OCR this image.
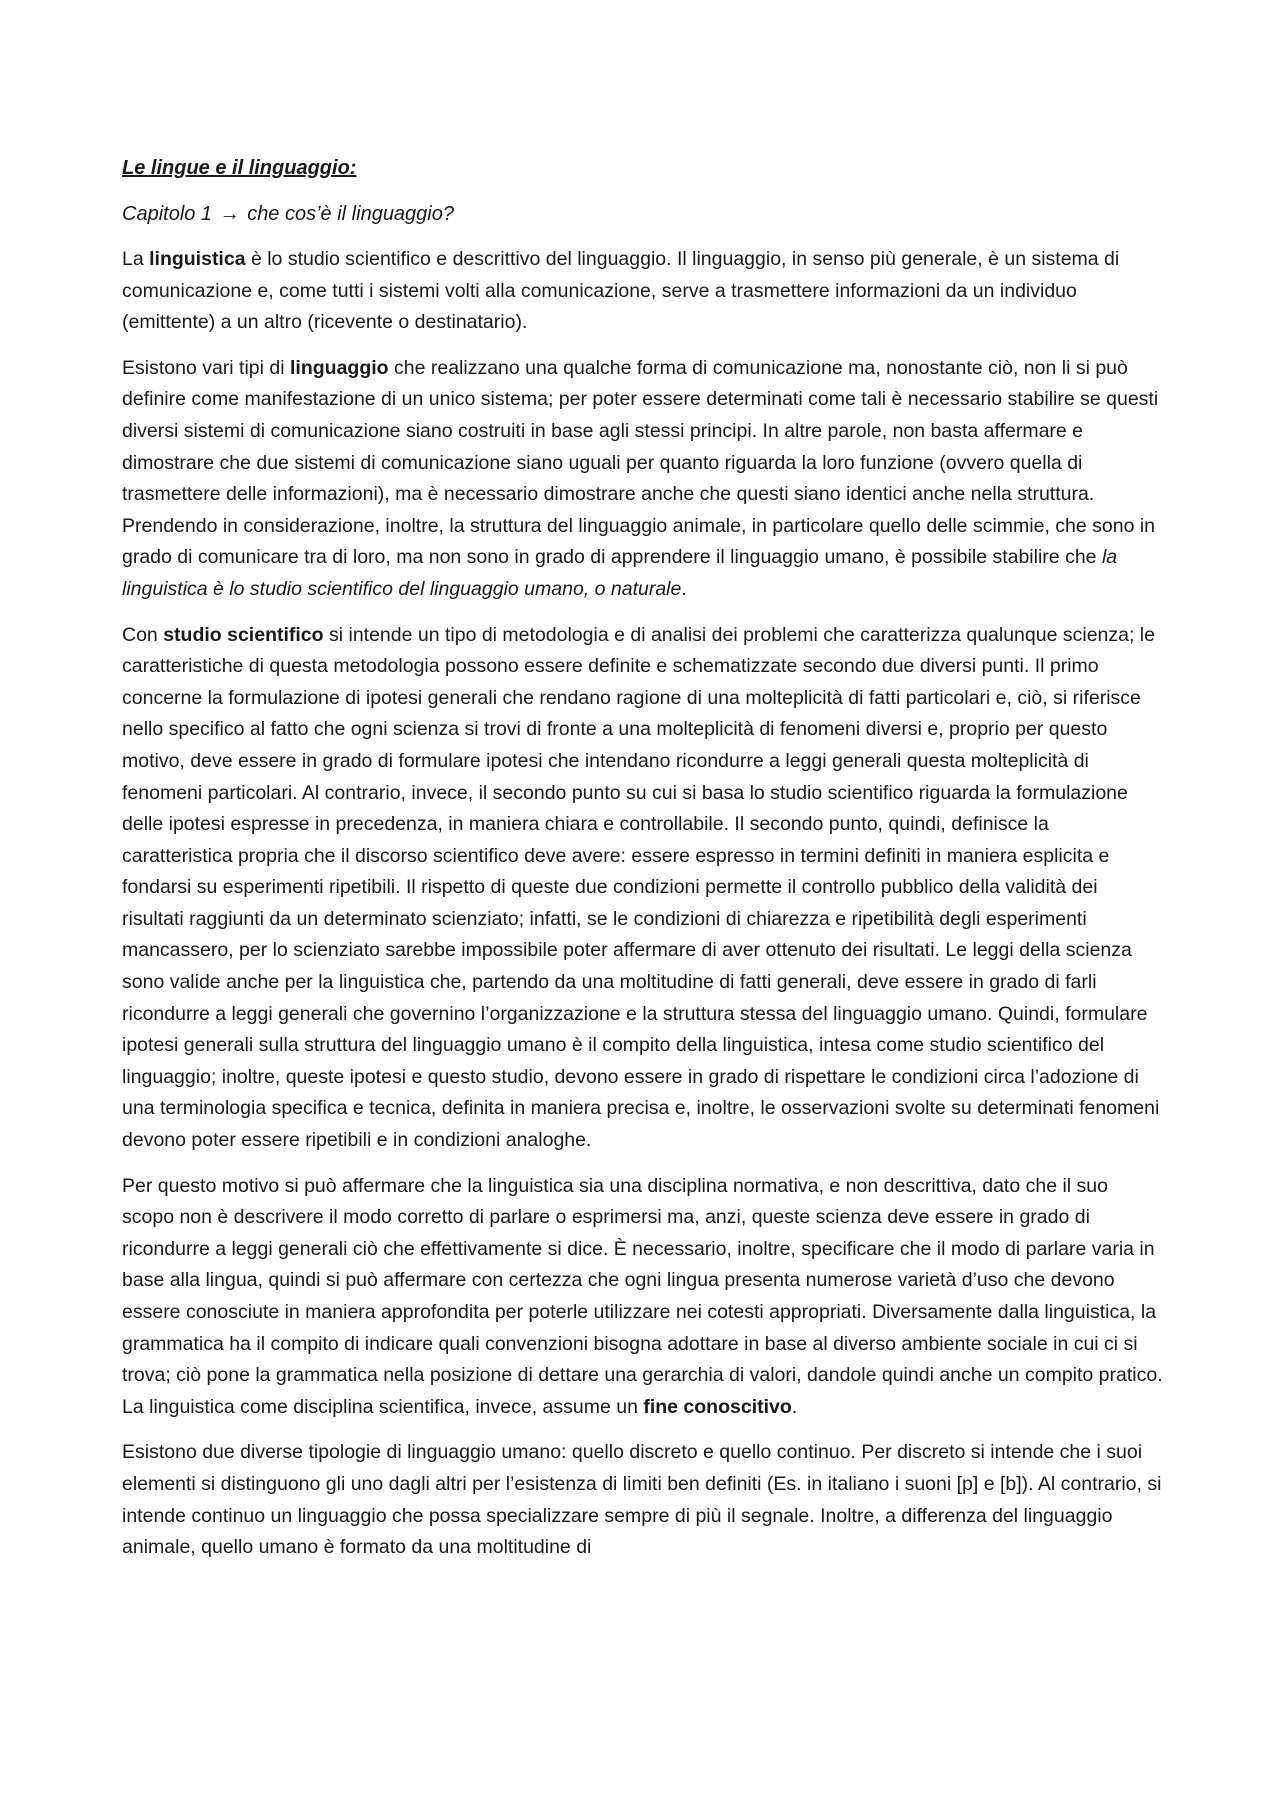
Le lingue e il linguaggio:
Capitolo 1 → che cos’è il linguaggio?

La linguistica è lo studio scientifico e descrittivo del linguaggio. Il linguaggio, in senso più generale, è un sistema di comunicazione e, come tutti i sistemi volti alla comunicazione, serve a trasmettere informazioni da un individuo (emittente) a un altro (ricevente o destinatario).

Esistono vari tipi di linguaggio che realizzano una qualche forma di comunicazione ma, nonostante ciò, non li si può definire come manifestazione di un unico sistema; per poter essere determinati come tali è necessario stabilire se questi diversi sistemi di comunicazione siano costruiti in base agli stessi principi. In altre parole, non basta affermare e dimostrare che due sistemi di comunicazione siano uguali per quanto riguarda la loro funzione (ovvero quella di trasmettere delle informazioni), ma è necessario dimostrare anche che questi siano identici anche nella struttura. Prendendo in considerazione, inoltre, la struttura del linguaggio animale, in particolare quello delle scimmie, che sono in grado di comunicare tra di loro, ma non sono in grado di apprendere il linguaggio umano, è possibile stabilire che la linguistica è lo studio scientifico del linguaggio umano, o naturale.

Con studio scientifico si intende un tipo di metodologia e di analisi dei problemi che caratterizza qualunque scienza; le caratteristiche di questa metodologia possono essere definite e schematizzate secondo due diversi punti. Il primo concerne la formulazione di ipotesi generali che rendano ragione di una molteplicità di fatti particolari e, ciò, si riferisce nello specifico al fatto che ogni scienza si trovi di fronte a una molteplicità di fenomeni diversi e, proprio per questo motivo, deve essere in grado di formulare ipotesi che intendano ricondurre a leggi generali questa molteplicità di fenomeni particolari. Al contrario, invece, il secondo punto su cui si basa lo studio scientifico riguarda la formulazione delle ipotesi espresse in precedenza, in maniera chiara e controllabile. Il secondo punto, quindi, definisce la caratteristica propria che il discorso scientifico deve avere: essere espresso in termini definiti in maniera esplicita e fondarsi su esperimenti ripetibili. Il rispetto di queste due condizioni permette il controllo pubblico della validità dei risultati raggiunti da un determinato scienziato; infatti, se le condizioni di chiarezza e ripetibilità degli esperimenti mancassero, per lo scienziato sarebbe impossibile poter affermare di aver ottenuto dei risultati. Le leggi della scienza sono valide anche per la linguistica che, partendo da una moltitudine di fatti generali, deve essere in grado di farli ricondurre a leggi generali che governino l’organizzazione e la struttura stessa del linguaggio umano. Quindi, formulare ipotesi generali sulla struttura del linguaggio umano è il compito della linguistica, intesa come studio scientifico del linguaggio; inoltre, queste ipotesi e questo studio, devono essere in grado di rispettare le condizioni circa l’adozione di una terminologia specifica e tecnica, definita in maniera precisa e, inoltre, le osservazioni svolte su determinati fenomeni devono poter essere ripetibili e in condizioni analoghe.

Per questo motivo si può affermare che la linguistica sia una disciplina normativa, e non descrittiva, dato che il suo scopo non è descrivere il modo corretto di parlare o esprimersi ma, anzi, queste scienza deve essere in grado di ricondurre a leggi generali ciò che effettivamente si dice. È necessario, inoltre, specificare che il modo di parlare varia in base alla lingua, quindi si può affermare con certezza che ogni lingua presenta numerose varietà d’uso che devono essere conosciute in maniera approfondita per poterle utilizzare nei cotesti appropriati. Diversamente dalla linguistica, la grammatica ha il compito di indicare quali convenzioni bisogna adottare in base al diverso ambiente sociale in cui ci si trova; ciò pone la grammatica nella posizione di dettare una gerarchia di valori, dandole quindi anche un compito pratico. La linguistica come disciplina scientifica, invece, assume un fine conoscitivo.

Esistono due diverse tipologie di linguaggio umano: quello discreto e quello continuo. Per discreto si intende che i suoi elementi si distinguono gli uno dagli altri per l’esistenza di limiti ben definiti (Es. in italiano i suoni [p] e [b]). Al contrario, si intende continuo un linguaggio che possa specializzare sempre di più il segnale. Inoltre, a differenza del linguaggio animale, quello umano è formato da una moltitudine di
